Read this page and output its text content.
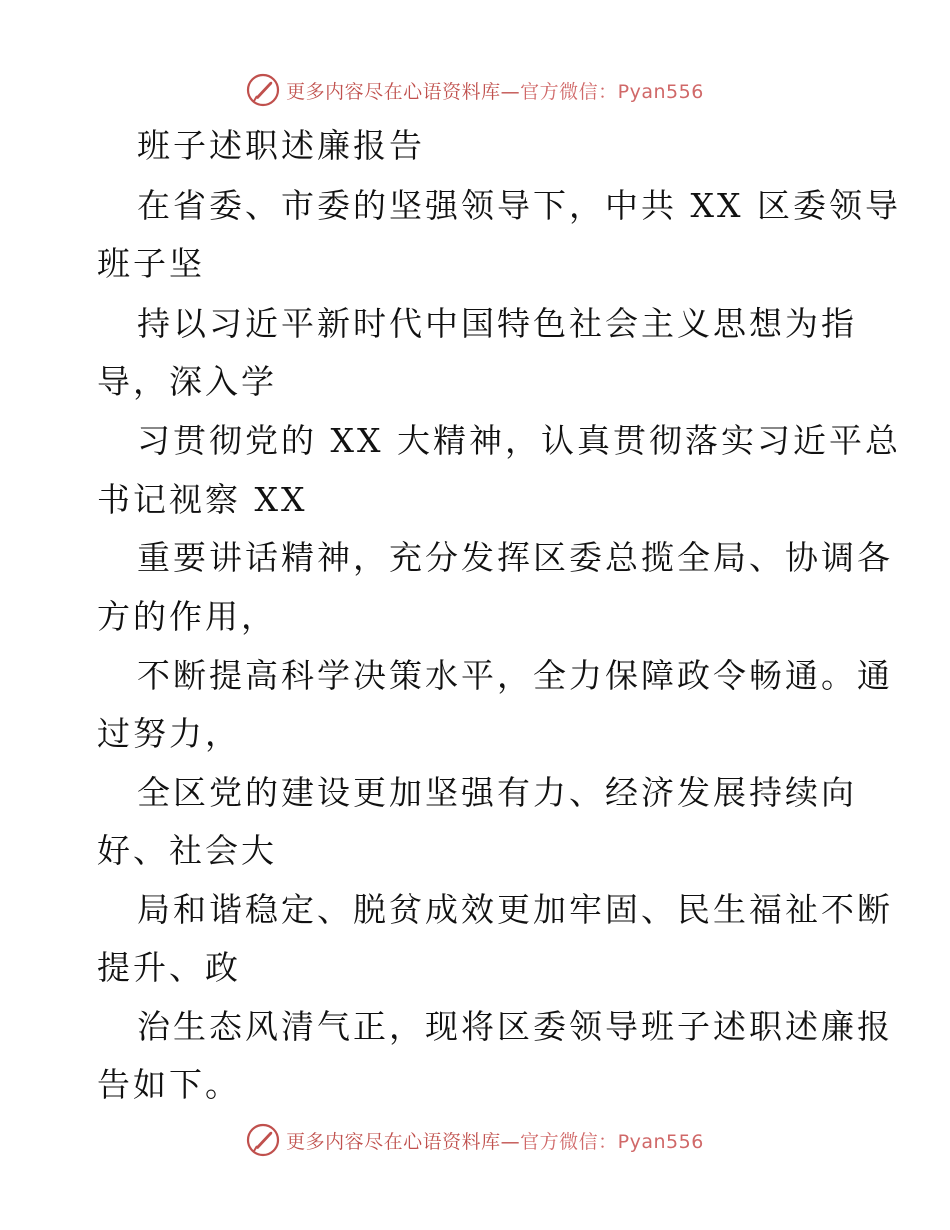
更多内容尽在心语资料库—官方微信：Pyan556
班子述职述廉报告
在省委、市委的坚强领导下，中共 XX 区委领导
班子坚
持以习近平新时代中国特色社会主义思想为指
导，深入学
习贯彻党的 XX 大精神，认真贯彻落实习近平总
书记视察 XX
重要讲话精神，充分发挥区委总揽全局、协调各
方的作用，
不断提高科学决策水平，全力保障政令畅通。通
过努力，
全区党的建设更加坚强有力、经济发展持续向
好、社会大
局和谐稳定、脱贫成效更加牢固、民生福祉不断
提升、政
治生态风清气正，现将区委领导班子述职述廉报
告如下。
更多内容尽在心语资料库—官方微信：Pyan556
